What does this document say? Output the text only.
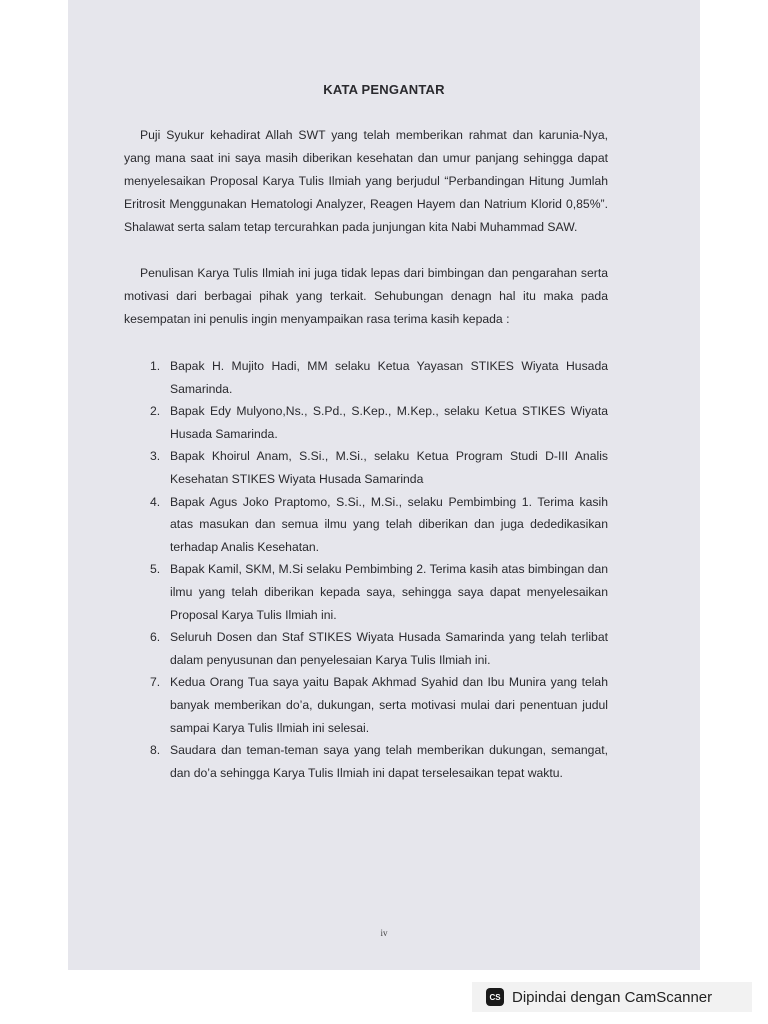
KATA PENGANTAR
Puji Syukur kehadirat Allah SWT yang telah memberikan rahmat dan karunia-Nya, yang mana saat ini saya masih diberikan kesehatan dan umur panjang sehingga dapat menyelesaikan Proposal Karya Tulis Ilmiah yang berjudul “Perbandingan Hitung Jumlah Eritrosit Menggunakan Hematologi Analyzer, Reagen Hayem dan Natrium Klorid 0,85%”. Shalawat serta salam tetap tercurahkan pada junjungan kita Nabi Muhammad SAW.
Penulisan Karya Tulis Ilmiah ini juga tidak lepas dari bimbingan dan pengarahan serta motivasi dari berbagai pihak yang terkait. Sehubungan denagn hal itu maka pada kesempatan ini penulis ingin menyampaikan rasa terima kasih kepada :
1. Bapak H. Mujito Hadi, MM selaku Ketua Yayasan STIKES Wiyata Husada Samarinda.
2. Bapak Edy Mulyono,Ns., S.Pd., S.Kep., M.Kep., selaku Ketua STIKES Wiyata Husada Samarinda.
3. Bapak Khoirul Anam, S.Si., M.Si., selaku Ketua Program Studi D-III Analis Kesehatan STIKES Wiyata Husada Samarinda
4. Bapak Agus Joko Praptomo, S.Si., M.Si., selaku Pembimbing 1. Terima kasih atas masukan dan semua ilmu yang telah diberikan dan juga dededikasikan terhadap Analis Kesehatan.
5. Bapak Kamil, SKM, M.Si selaku Pembimbing 2. Terima kasih atas bimbingan dan ilmu yang telah diberikan kepada saya, sehingga saya dapat menyelesaikan Proposal Karya Tulis Ilmiah ini.
6. Seluruh Dosen dan Staf STIKES Wiyata Husada Samarinda yang telah terlibat dalam penyusunan dan penyelesaian Karya Tulis Ilmiah ini.
7. Kedua Orang Tua saya yaitu Bapak Akhmad Syahid dan Ibu Munira yang telah banyak memberikan do’a, dukungan, serta motivasi mulai dari penentuan judul sampai Karya Tulis Ilmiah ini selesai.
8. Saudara dan teman-teman saya yang telah memberikan dukungan, semangat, dan do’a sehingga Karya Tulis Ilmiah ini dapat terselesaikan tepat waktu.
iv
CS Dipindai dengan CamScanner
